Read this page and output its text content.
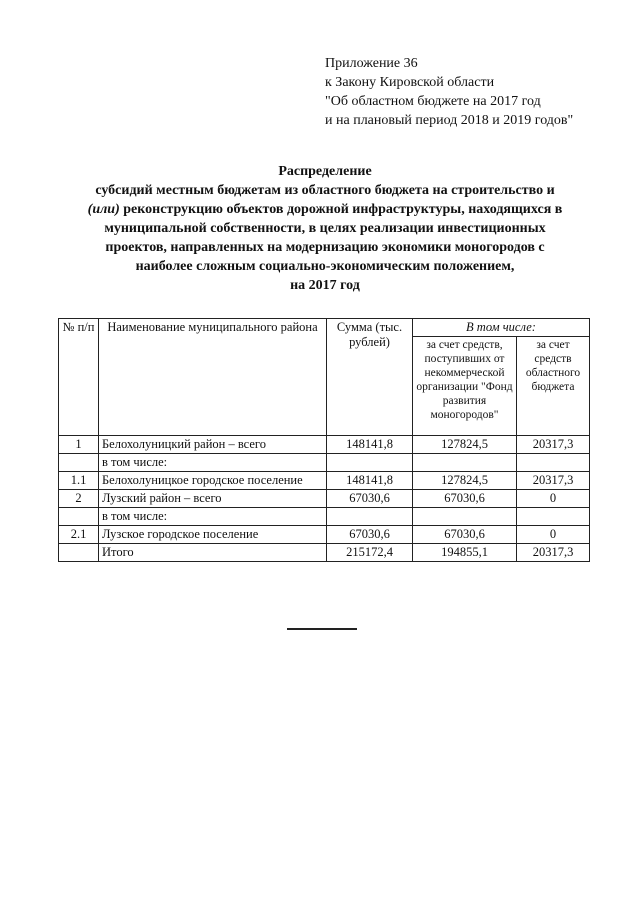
Приложение 36
к Закону Кировской области
"Об областном бюджете на 2017 год
и на плановый период 2018 и 2019 годов"
Распределение
субсидий местным бюджетам из областного бюджета на строительство и
(или) реконструкцию объектов дорожной инфраструктуры, находящихся в
муниципальной собственности, в целях реализации инвестиционных
проектов, направленных на модернизацию экономики моногородов с
наиболее сложным социально-экономическим положением,
на 2017 год
№ п/п	Наименование муниципального района	Сумма (тыс. рублей)	В том числе:	
			за счет средств, поступивших от некоммерческой организации "Фонд развития моногородов"	за счет средств областного бюджета
1	Белохолуницкий район – всего	148141,8	127824,5	20317,3
	в том числе:			
1.1	Белохолуницкое городское поселение	148141,8	127824,5	20317,3
2	Лузский район – всего	67030,6	67030,6	0
	в том числе:			
2.1	Лузское городское поселение	67030,6	67030,6	0
	Итого	215172,4	194855,1	20317,3
